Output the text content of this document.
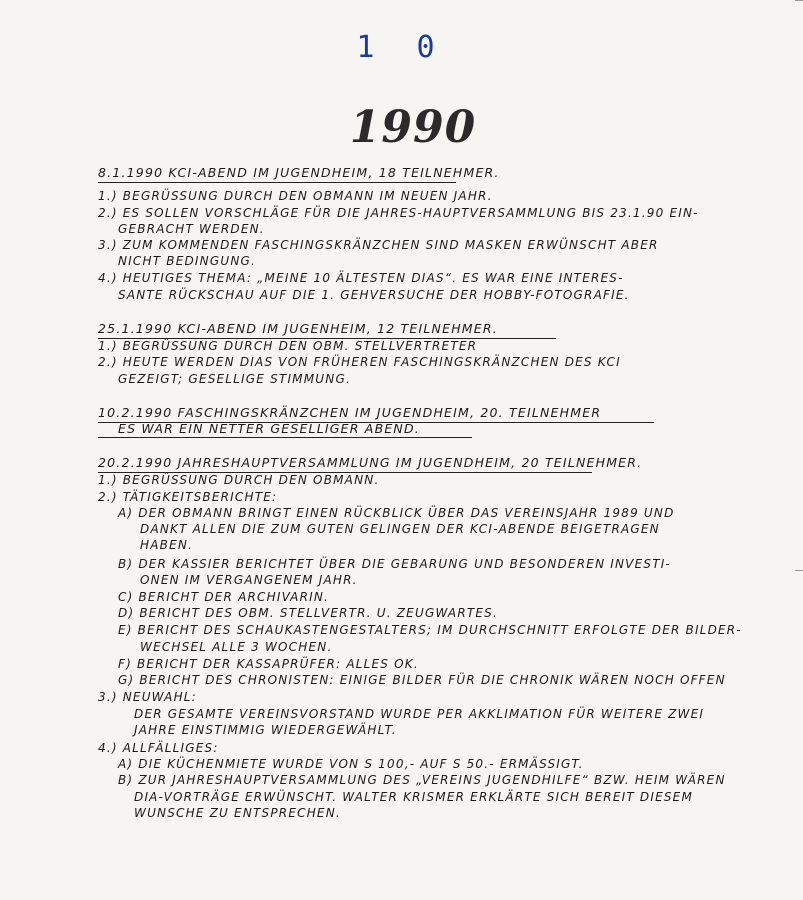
1 0
1990
8.1.1990 KCI-ABEND IM JUGENDHEIM, 18 TEILNEHMER.
1.) BEGRÜSSUNG DURCH DEN OBMANN IM NEUEN JAHR.
2.) ES SOLLEN VORSCHLÄGE FÜR DIE JAHRES-HAUPTVERSAMMLUNG BIS 23.1.90 EIN-
GEBRACHT WERDEN.
3.) ZUM KOMMENDEN FASCHINGSKRÄNZCHEN SIND MASKEN ERWÜNSCHT ABER
NICHT BEDINGUNG.
4.) HEUTIGES THEMA: „MEINE 10 ÄLTESTEN DIAS“. ES WAR EINE INTERES-
SANTE RÜCKSCHAU AUF DIE 1. GEHVERSUCHE DER HOBBY-FOTOGRAFIE.
25.1.1990 KCI-ABEND IM JUGENHEIM, 12 TEILNEHMER.
1.) BEGRÜSSUNG DURCH DEN OBM. STELLVERTRETER
2.) HEUTE WERDEN DIAS VON FRÜHEREN FASCHINGSKRÄNZCHEN DES KCI
GEZEIGT; GESELLIGE STIMMUNG.
10.2.1990 FASCHINGSKRÄNZCHEN IM JUGENDHEIM, 20. TEILNEHMER
ES WAR EIN NETTER GESELLIGER ABEND.
20.2.1990 JAHRESHAUPTVERSAMMLUNG IM JUGENDHEIM, 20 TEILNEHMER.
1.) BEGRÜSSUNG DURCH DEN OBMANN.
2.) TÄTIGKEITSBERICHTE:
A) DER OBMANN BRINGT EINEN RÜCKBLICK ÜBER DAS VEREINSJAHR 1989 UND
DANKT ALLEN DIE ZUM GUTEN GELINGEN DER KCI-ABENDE BEIGETRAGEN
HABEN.
B) DER KASSIER BERICHTET ÜBER DIE GEBARUNG UND BESONDEREN INVESTI-
ONEN IM VERGANGENEM JAHR.
C) BERICHT DER ARCHIVARIN.
D) BERICHT DES OBM. STELLVERTR. U. ZEUGWARTES.
E) BERICHT DES SCHAUKASTENGESTALTERS; IM DURCHSCHNITT ERFOLGTE DER BILDER-
WECHSEL ALLE 3 WOCHEN.
F) BERICHT DER KASSAPRÜFER: ALLES OK.
G) BERICHT DES CHRONISTEN: EINIGE BILDER FÜR DIE CHRONIK WÄREN NOCH OFFEN
3.) NEUWAHL:
DER GESAMTE VEREINSVORSTAND WURDE PER AKKLIMATION FÜR WEITERE ZWEI
JAHRE EINSTIMMIG WIEDERGEWÄHLT.
4.) ALLFÄLLIGES:
A) DIE KÜCHENMIETE WURDE VON S 100,- AUF S 50.- ERMÄSSIGT.
B) ZUR JAHRESHAUPTVERSAMMLUNG DES „VEREINS JUGENDHILFE“ BZW. HEIM WÄREN
DIA-VORTRÄGE ERWÜNSCHT. WALTER KRISMER ERKLÄRTE SICH BEREIT DIESEM
WUNSCHE ZU ENTSPRECHEN.
